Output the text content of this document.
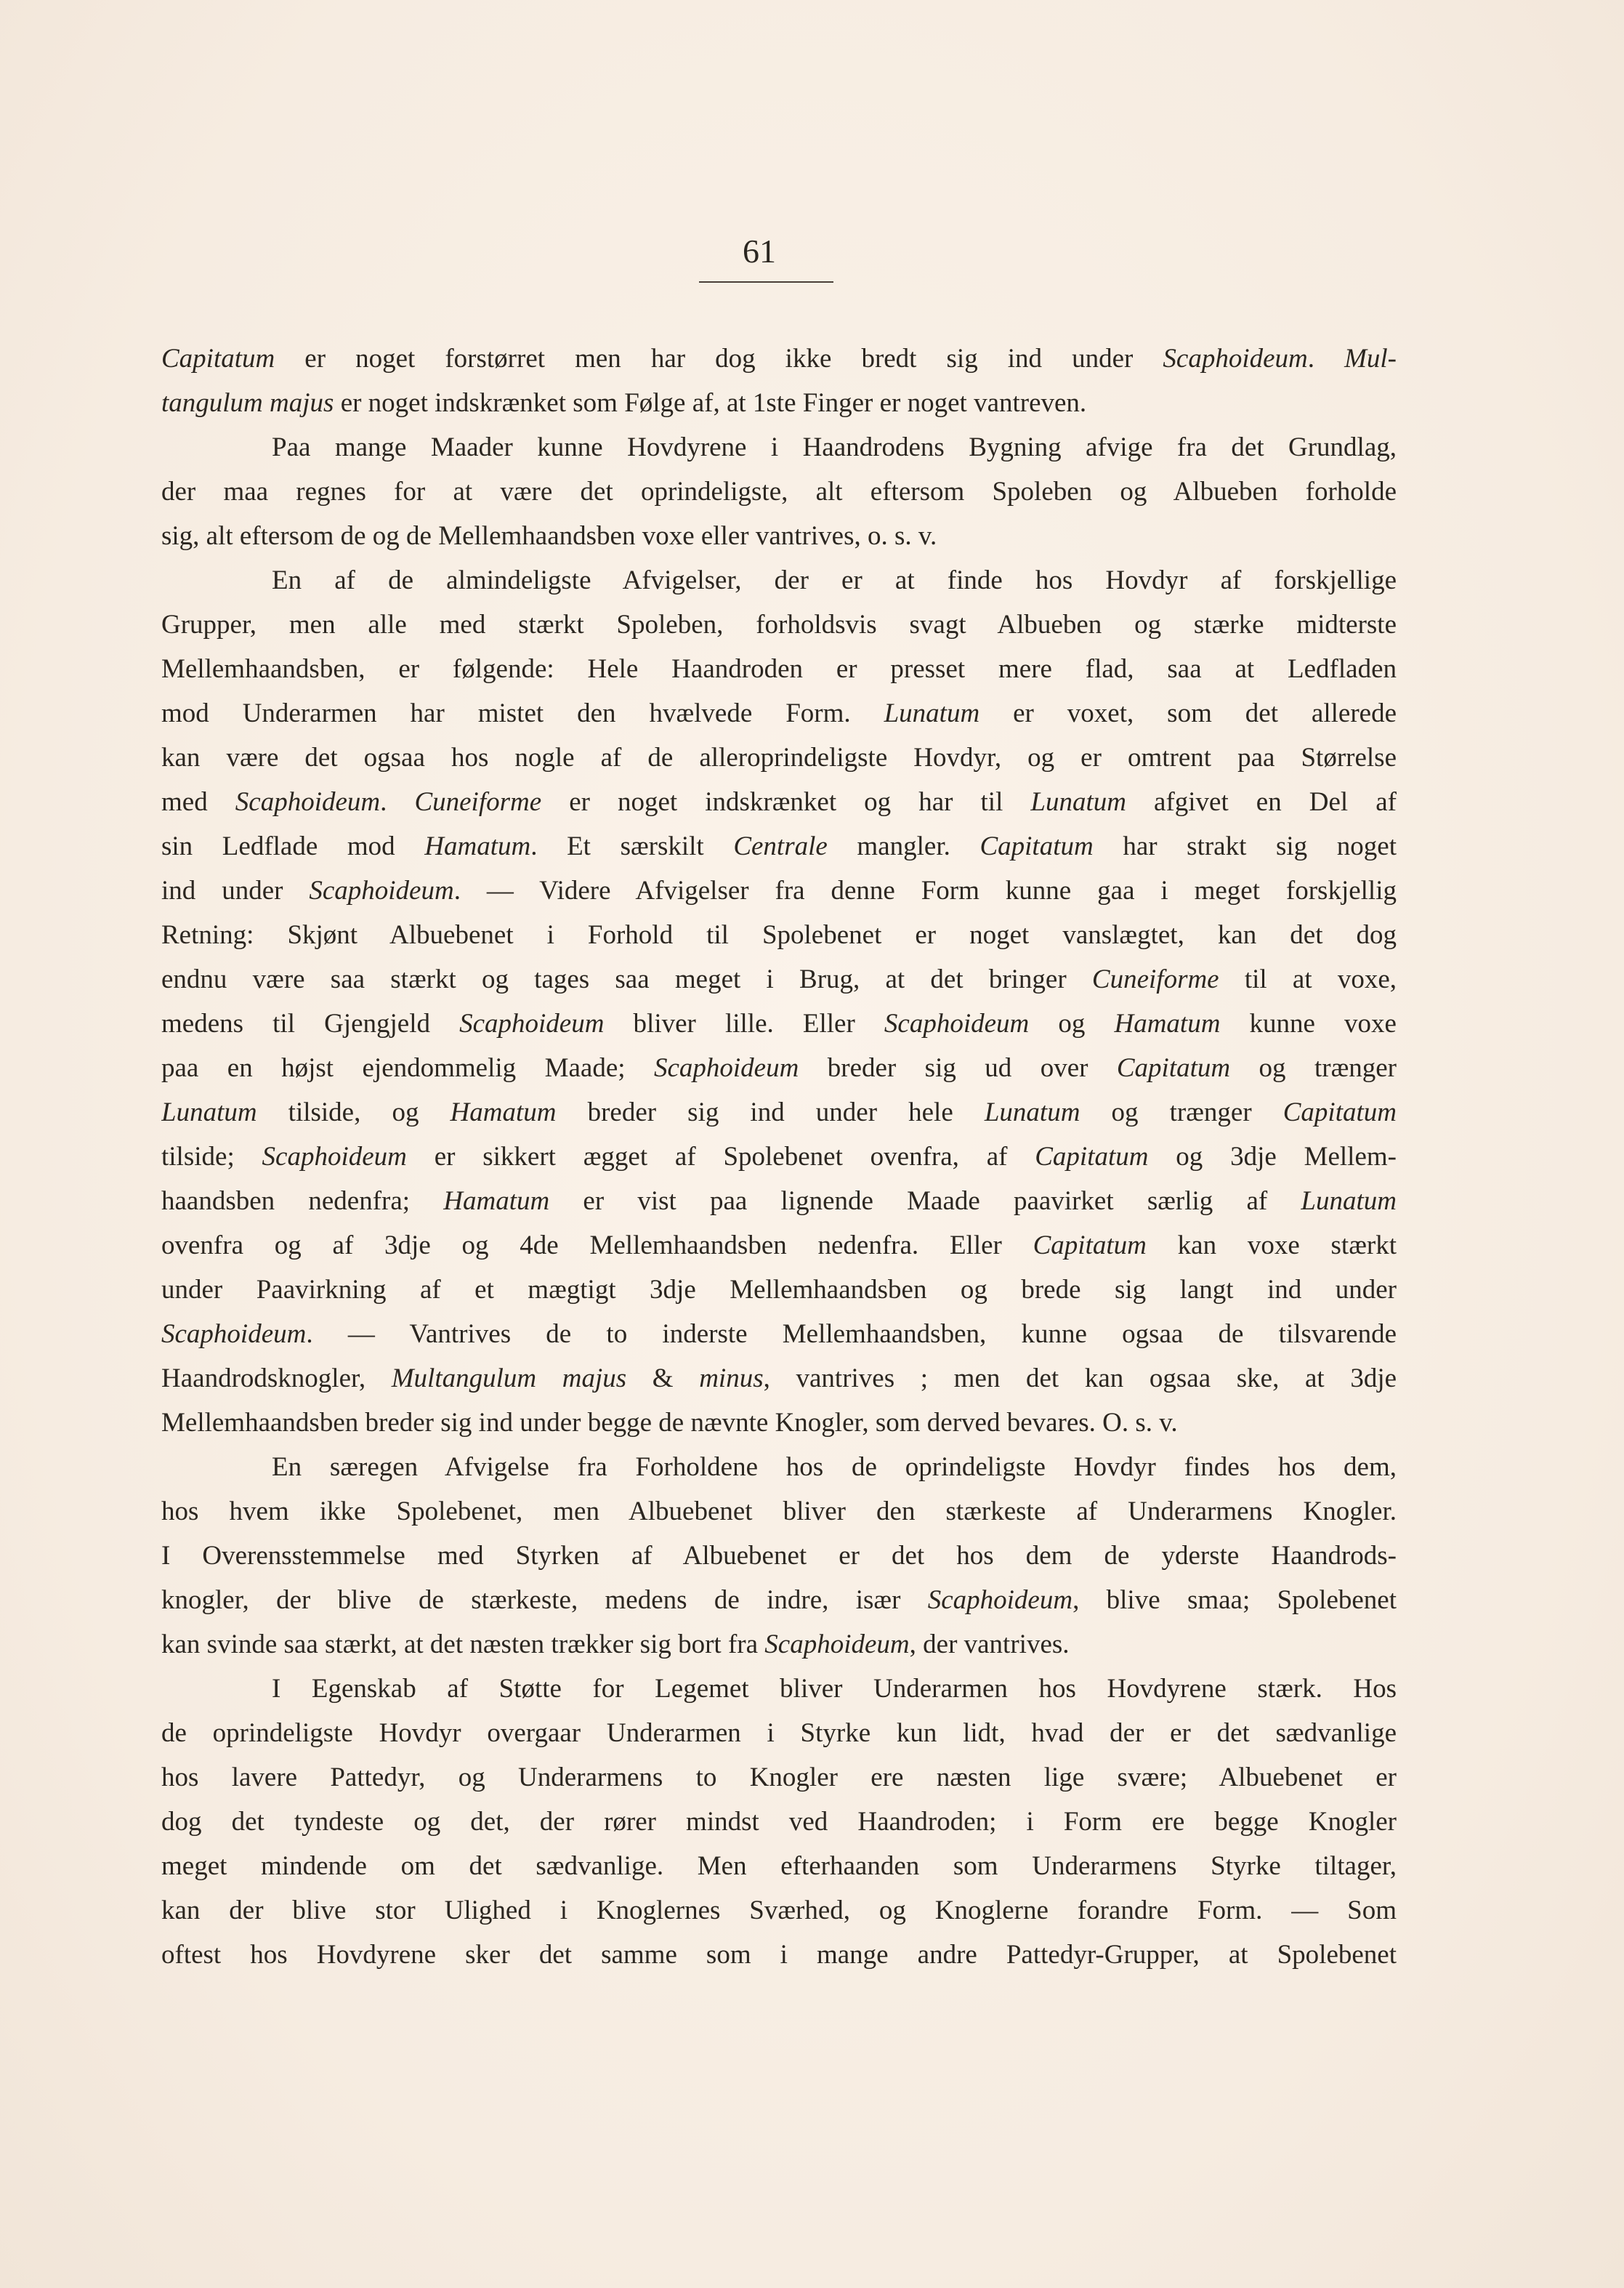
61
Capitatum er noget forstørret men har dog ikke bredt sig ind under Scaphoideum. Mul-
tangulum majus er noget indskrænket som Følge af, at 1ste Finger er noget vantreven.
Paa mange Maader kunne Hovdyrene i Haandrodens Bygning afvige fra det Grundlag,
der maa regnes for at være det oprindeligste, alt eftersom Spoleben og Albueben forholde
sig, alt eftersom de og de Mellemhaandsben voxe eller vantrives, o. s. v.
En af de almindeligste Afvigelser, der er at finde hos Hovdyr af forskjellige
Grupper, men alle med stærkt Spoleben, forholdsvis svagt Albueben og stærke midterste
Mellemhaandsben, er følgende: Hele Haandroden er presset mere flad, saa at Ledfladen
mod Underarmen har mistet den hvælvede Form. Lunatum er voxet, som det allerede
kan være det ogsaa hos nogle af de alleroprindeligste Hovdyr, og er omtrent paa Størrelse
med Scaphoideum. Cuneiforme er noget indskrænket og har til Lunatum afgivet en Del af
sin Ledflade mod Hamatum. Et særskilt Centrale mangler. Capitatum har strakt sig noget
ind under Scaphoideum. — Videre Afvigelser fra denne Form kunne gaa i meget forskjellig
Retning: Skjønt Albuebenet i Forhold til Spolebenet er noget vanslægtet, kan det dog
endnu være saa stærkt og tages saa meget i Brug, at det bringer Cuneiforme til at voxe,
medens til Gjengjeld Scaphoideum bliver lille. Eller Scaphoideum og Hamatum kunne voxe
paa en højst ejendommelig Maade; Scaphoideum breder sig ud over Capitatum og trænger
Lunatum tilside, og Hamatum breder sig ind under hele Lunatum og trænger Capitatum
tilside; Scaphoideum er sikkert ægget af Spolebenet ovenfra, af Capitatum og 3dje Mellem-
haandsben nedenfra; Hamatum er vist paa lignende Maade paavirket særlig af Lunatum
ovenfra og af 3dje og 4de Mellemhaandsben nedenfra. Eller Capitatum kan voxe stærkt
under Paavirkning af et mægtigt 3dje Mellemhaandsben og brede sig langt ind under
Scaphoideum. — Vantrives de to inderste Mellemhaandsben, kunne ogsaa de tilsvarende
Haandrodsknogler, Multangulum majus & minus, vantrives ; men det kan ogsaa ske, at 3dje
Mellemhaandsben breder sig ind under begge de nævnte Knogler, som derved bevares. O. s. v.
En særegen Afvigelse fra Forholdene hos de oprindeligste Hovdyr findes hos dem,
hos hvem ikke Spolebenet, men Albuebenet bliver den stærkeste af Underarmens Knogler.
I Overensstemmelse med Styrken af Albuebenet er det hos dem de yderste Haandrods-
knogler, der blive de stærkeste, medens de indre, især Scaphoideum, blive smaa; Spolebenet
kan svinde saa stærkt, at det næsten trækker sig bort fra Scaphoideum, der vantrives.
I Egenskab af Støtte for Legemet bliver Underarmen hos Hovdyrene stærk. Hos
de oprindeligste Hovdyr overgaar Underarmen i Styrke kun lidt, hvad der er det sædvanlige
hos lavere Pattedyr, og Underarmens to Knogler ere næsten lige svære; Albuebenet er
dog det tyndeste og det, der rører mindst ved Haandroden; i Form ere begge Knogler
meget mindende om det sædvanlige. Men efterhaanden som Underarmens Styrke tiltager,
kan der blive stor Ulighed i Knoglernes Sværhed, og Knoglerne forandre Form. — Som
oftest hos Hovdyrene sker det samme som i mange andre Pattedyr-Grupper, at Spolebenet
